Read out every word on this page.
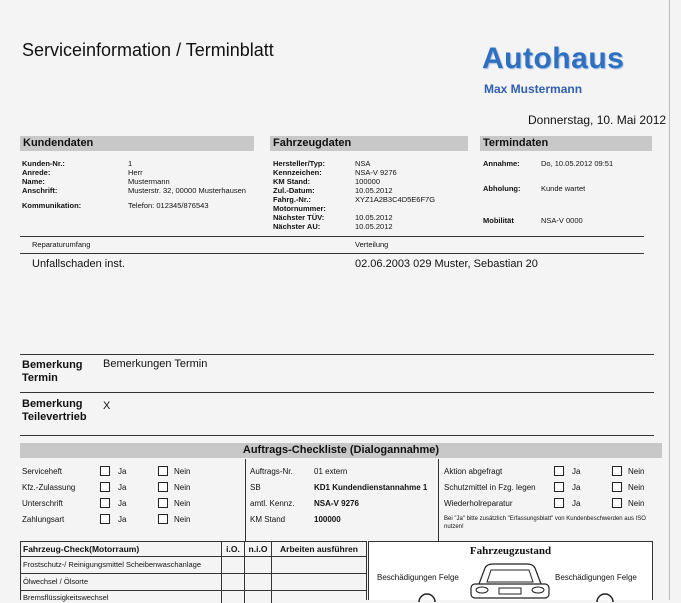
Serviceinformation / Terminblatt	Autohaus
Max Mustermann
Donnerstag, 10. Mai 2012
Kundendaten	Fahrzeugdaten	Termindaten
Kunden-Nr.:	1
Anrede:	Herr
Name:	Mustermann
Anschrift:	Musterstr. 32, 00000 Musterhausen
Kommunikation:	Telefon: 012345/876543
Hersteller/Typ:	NSA
Kennzeichen:	NSA-V 9276
KM Stand:	100000
Zul.-Datum:	10.05.2012
Fahrg.-Nr.:	XYZ1A2B3C4D5E6F7G
Motornummer:
Nächster TÜV:	10.05.2012
Nächster AU:	10.05.2012
Annahme:	Do, 10.05.2012 09:51
Abholung:	Kunde wartet
Mobilität	NSA-V 0000
Reparaturumfang	Verteilung
Unfallschaden inst.	02.06.2003 029 Muster, Sebastian 20
Bemerkung
Termin
Bemerkungen Termin
Bemerkung
Teilevertrieb
X
Auftrags-Checkliste (Dialogannahme)
Serviceheft	Ja	Nein
Kfz.-Zulassung	Ja	Nein
Unterschrift	Ja	Nein
Zahlungsart	Ja	Nein
Auftrags-Nr.	01 extern
SB	KD1 Kundendienstannahme 1
amtl. Kennz.	NSA-V 9276
KM Stand	100000
Aktion abgefragt	Ja	Nein
Schutzmittel in Fzg. legen	Ja	Nein
Wiederholreparatur	Ja	Nein
Bei "Ja" bitte zusätzlich "Erfassungsblatt" von Kundenbeschwerden aus ISO nutzen!
Fahrzeug-Check(Motorraum)	i.O.	n.i.O	Arbeiten ausführen
Frostschutz-/ Reinigungsmittel Scheibenwaschanlage
Ölwechsel / Ölsorte
Bremsflüssigkeitswechsel
Fahrzeugzustand
Beschädigungen Felge	Beschädigungen Felge
